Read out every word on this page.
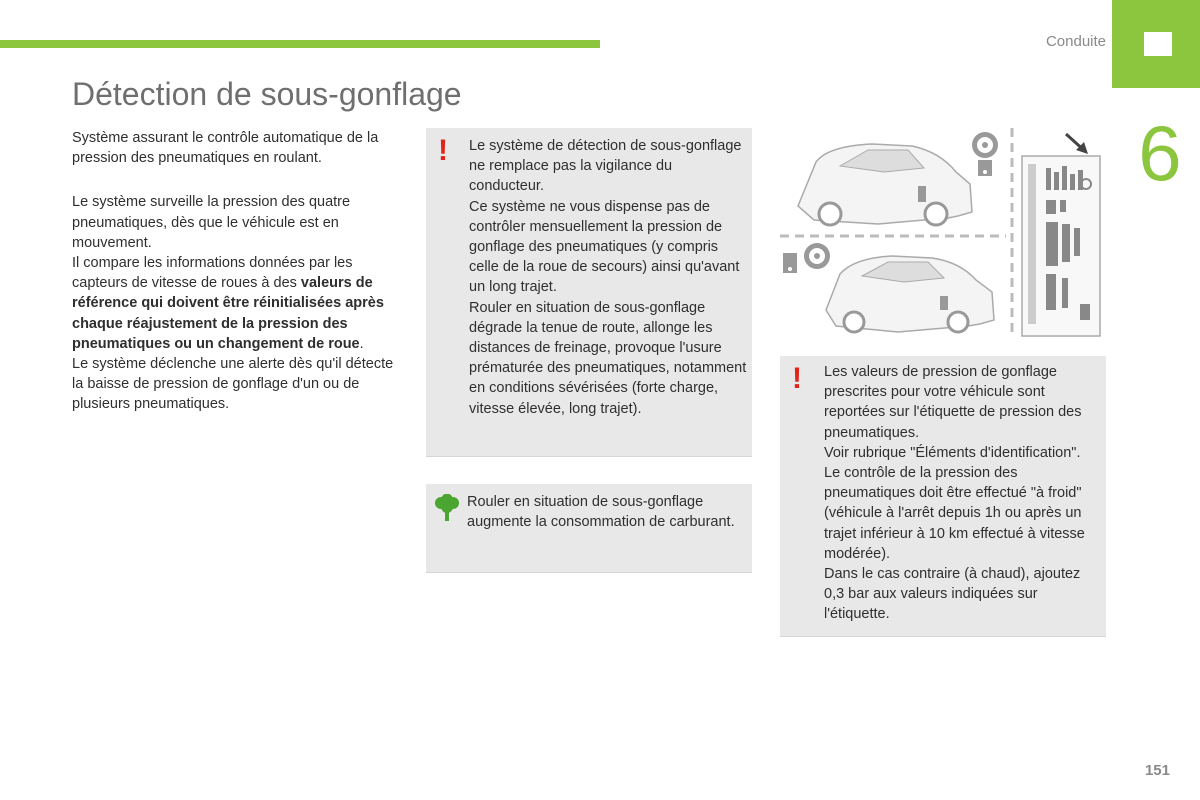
Conduite
6
Détection de sous-gonflage

Système assurant le contrôle automatique de la pression des pneumatiques en roulant.

Le système surveille la pression des quatre pneumatiques, dès que le véhicule est en mouvement.

Il compare les informations données par les capteurs de vitesse de roues à des valeurs de référence qui doivent être réinitialisées après chaque réajustement de la pression des pneumatiques ou un changement de roue.

Le système déclenche une alerte dès qu'il détecte la baisse de pression de gonflage d'un ou de plusieurs pneumatiques.

! Le système de détection de sous-gonflage ne remplace pas la vigilance du conducteur.

Ce système ne vous dispense pas de contrôler mensuellement la pression de gonflage des pneumatiques (y compris celle de la roue de secours) ainsi qu'avant un long trajet.

Rouler en situation de sous-gonflage dégrade la tenue de route, allonge les distances de freinage, provoque l'usure prématurée des pneumatiques, notamment en conditions sévérisées (forte charge, vitesse élevée, long trajet).

Rouler en situation de sous-gonflage augmente la consommation de carburant.
! Les valeurs de pression de gonflage prescrites pour votre véhicule sont reportées sur l'étiquette de pression des pneumatiques.

Voir rubrique "Éléments d'identification".

Le contrôle de la pression des pneumatiques doit être effectué "à froid" (véhicule à l'arrêt depuis 1h ou après un trajet inférieur à 10 km effectué à vitesse modérée).

Dans le cas contraire (à chaud), ajoutez 0,3 bar aux valeurs indiquées sur l'étiquette.

151
